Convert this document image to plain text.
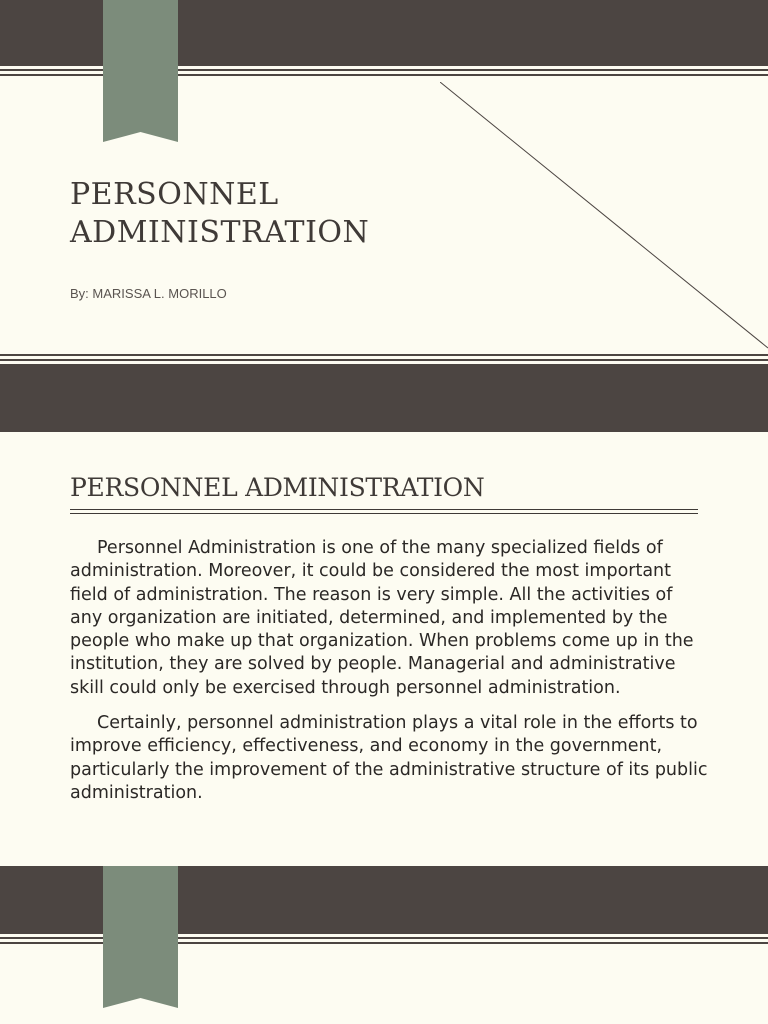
PERSONNEL
ADMINISTRATION

By: MARISSA L. MORILLO

PERSONNEL ADMINISTRATION

Personnel Administration is one of the many specialized fields of administration. Moreover, it could be considered the most important field of administration. The reason is very simple. All the activities of any organization are initiated, determined, and implemented by the people who make up that organization. When problems come up in the institution, they are solved by people. Managerial and administrative skill could only be exercised through personnel administration.

Certainly, personnel administration plays a vital role in the efforts to improve efficiency, effectiveness, and economy in the government, particularly the improvement of the administrative structure of its public administration.
